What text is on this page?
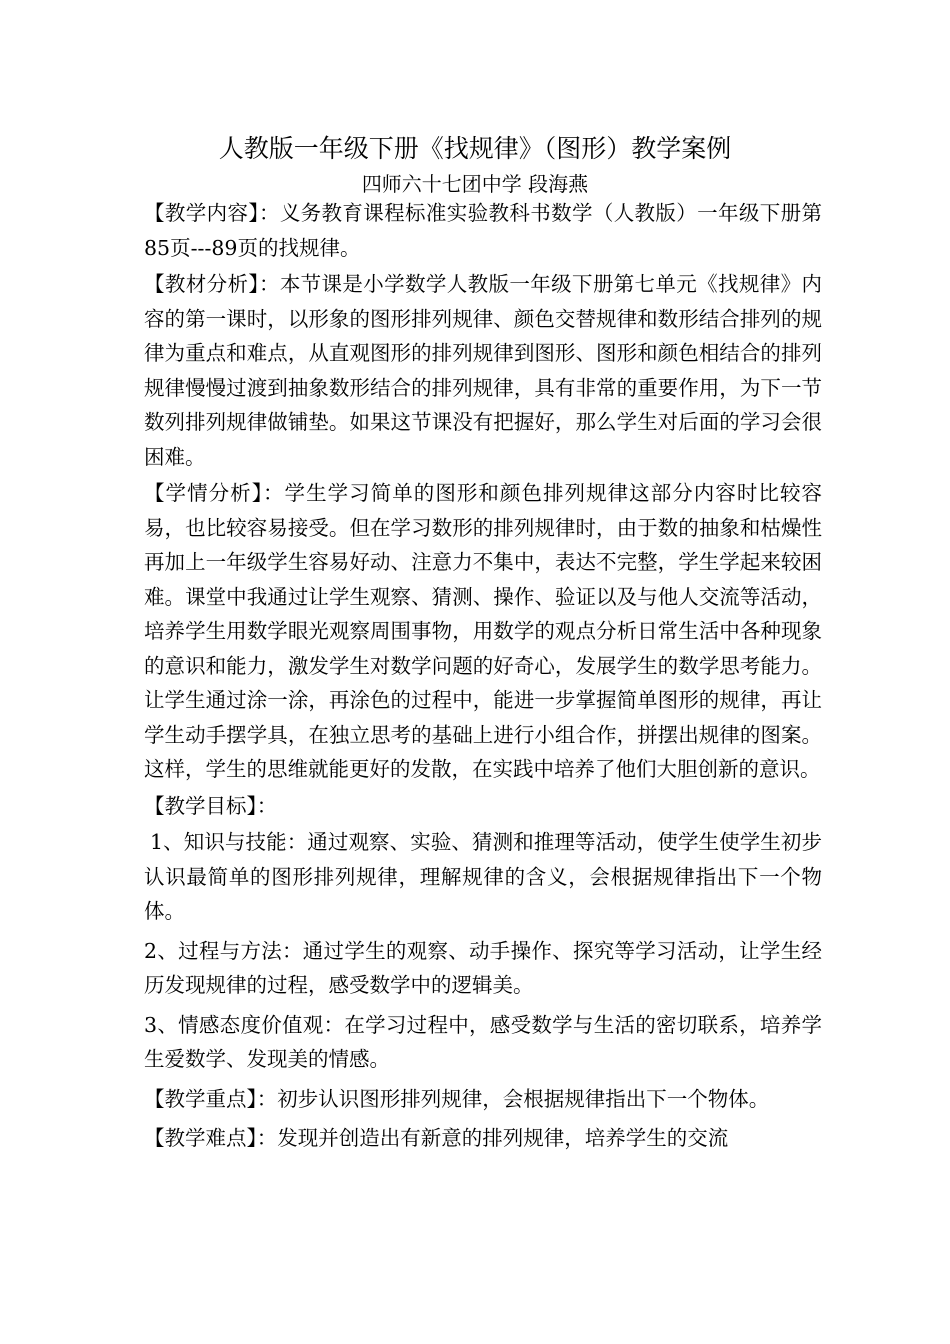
人教版一年级下册《找规律》（图形）教学案例
四师六十七团中学 段海燕

【教学内容】：义务教育课程标准实验教科书数学（人教版）一年级下册第85页---89页的找规律。

【教材分析】：本节课是小学数学人教版一年级下册第七单元《找规律》内容的第一课时，以形象的图形排列规律、颜色交替规律和数形结合排列的规律为重点和难点，从直观图形的排列规律到图形、图形和颜色相结合的排列规律慢慢过渡到抽象数形结合的排列规律，具有非常的重要作用，为下一节数列排列规律做铺垫。如果这节课没有把握好，那么学生对后面的学习会很困难。

【学情分析】：学生学习简单的图形和颜色排列规律这部分内容时比较容易，也比较容易接受。但在学习数形的排列规律时，由于数的抽象和枯燥性再加上一年级学生容易好动、注意力不集中，表达不完整，学生学起来较困难。课堂中我通过让学生观察、猜测、操作、验证以及与他人交流等活动，培养学生用数学眼光观察周围事物，用数学的观点分析日常生活中各种现象的意识和能力，激发学生对数学问题的好奇心，发展学生的数学思考能力。让学生通过涂一涂，再涂色的过程中，能进一步掌握简单图形的规律，再让学生动手摆学具，在独立思考的基础上进行小组合作，拼摆出规律的图案。这样，学生的思维就能更好的发散，在实践中培养了他们大胆创新的意识。

【教学目标】：

1、知识与技能：通过观察、实验、猜测和推理等活动，使学生使学生初步认识最简单的图形排列规律，理解规律的含义，会根据规律指出下一个物体。

2、过程与方法：通过学生的观察、动手操作、探究等学习活动，让学生经历发现规律的过程，感受数学中的逻辑美。

3、情感态度价值观：在学习过程中，感受数学与生活的密切联系，培养学生爱数学、发现美的情感。

【教学重点】：初步认识图形排列规律，会根据规律指出下一个物体。

【教学难点】：发现并创造出有新意的排列规律，培养学生的交流
